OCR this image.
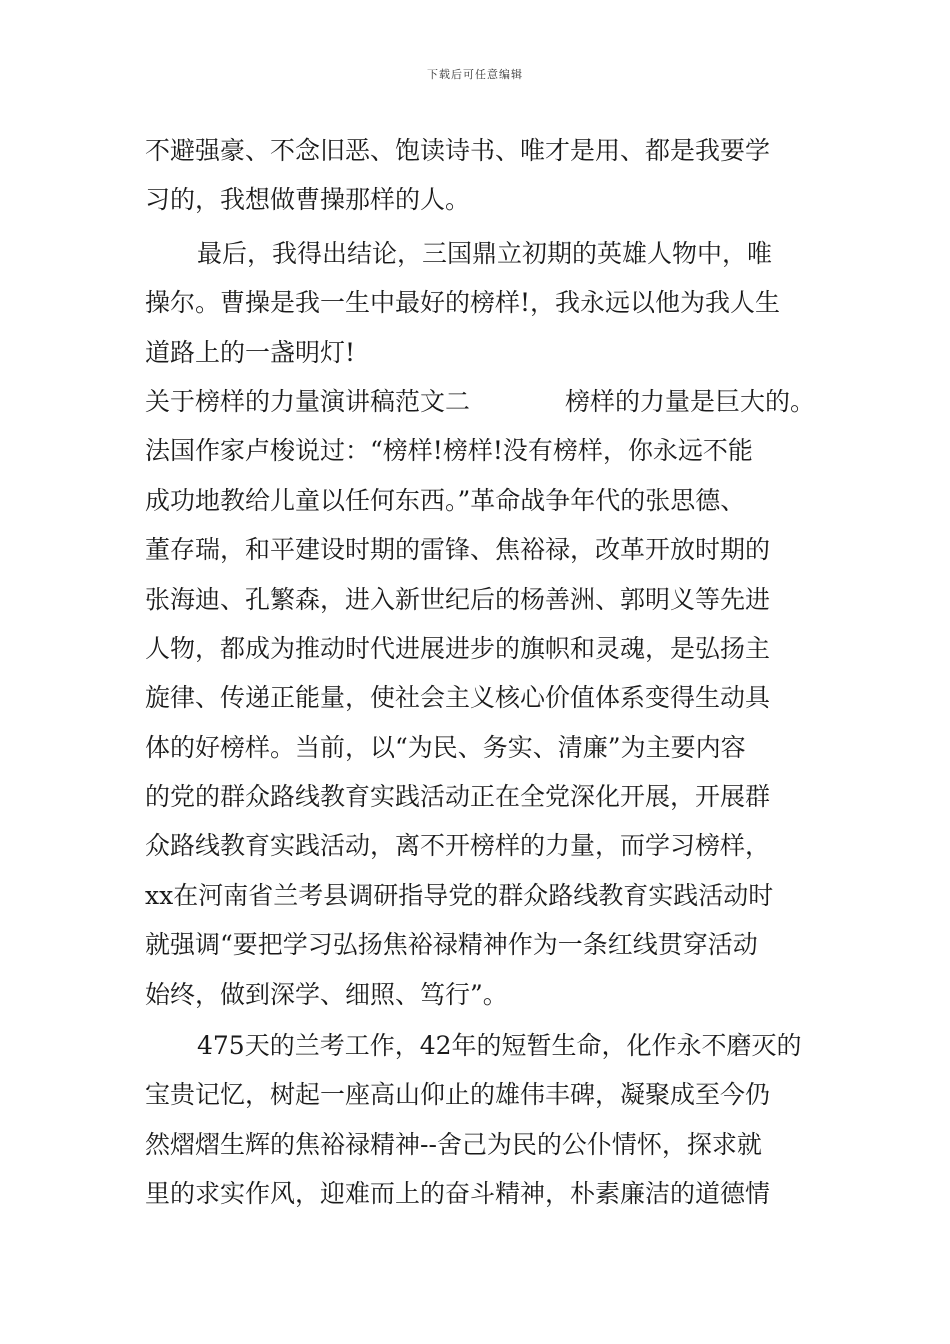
下载后可任意编辑
不避强豪、不念旧恶、饱读诗书、唯才是用、都是我要学
习的，我想做曹操那样的人。
最后，我得出结论，三国鼎立初期的英雄人物中，唯
操尔。曹操是我一生中最好的榜样!，我永远以他为我人生
道路上的一盏明灯!
关于榜样的力量演讲稿范文二	榜样的力量是巨大的。
法国作家卢梭说过：“榜样!榜样!没有榜样，你永远不能
成功地教给儿童以任何东西。”革命战争年代的张思德、
董存瑞，和平建设时期的雷锋、焦裕禄，改革开放时期的
张海迪、孔繁森，进入新世纪后的杨善洲、郭明义等先进
人物，都成为推动时代进展进步的旗帜和灵魂，是弘扬主
旋律、传递正能量，使社会主义核心价值体系变得生动具
体的好榜样。当前，以“为民、务实、清廉”为主要内容
的党的群众路线教育实践活动正在全党深化开展，开展群
众路线教育实践活动，离不开榜样的力量，而学习榜样，
xx在河南省兰考县调研指导党的群众路线教育实践活动时
就强调“要把学习弘扬焦裕禄精神作为一条红线贯穿活动
始终，做到深学、细照、笃行”。
475天的兰考工作，42年的短暂生命，化作永不磨灭的
宝贵记忆，树起一座高山仰止的雄伟丰碑，凝聚成至今仍
然熠熠生辉的焦裕禄精神--舍己为民的公仆情怀，探求就
里的求实作风，迎难而上的奋斗精神，朴素廉洁的道德情
